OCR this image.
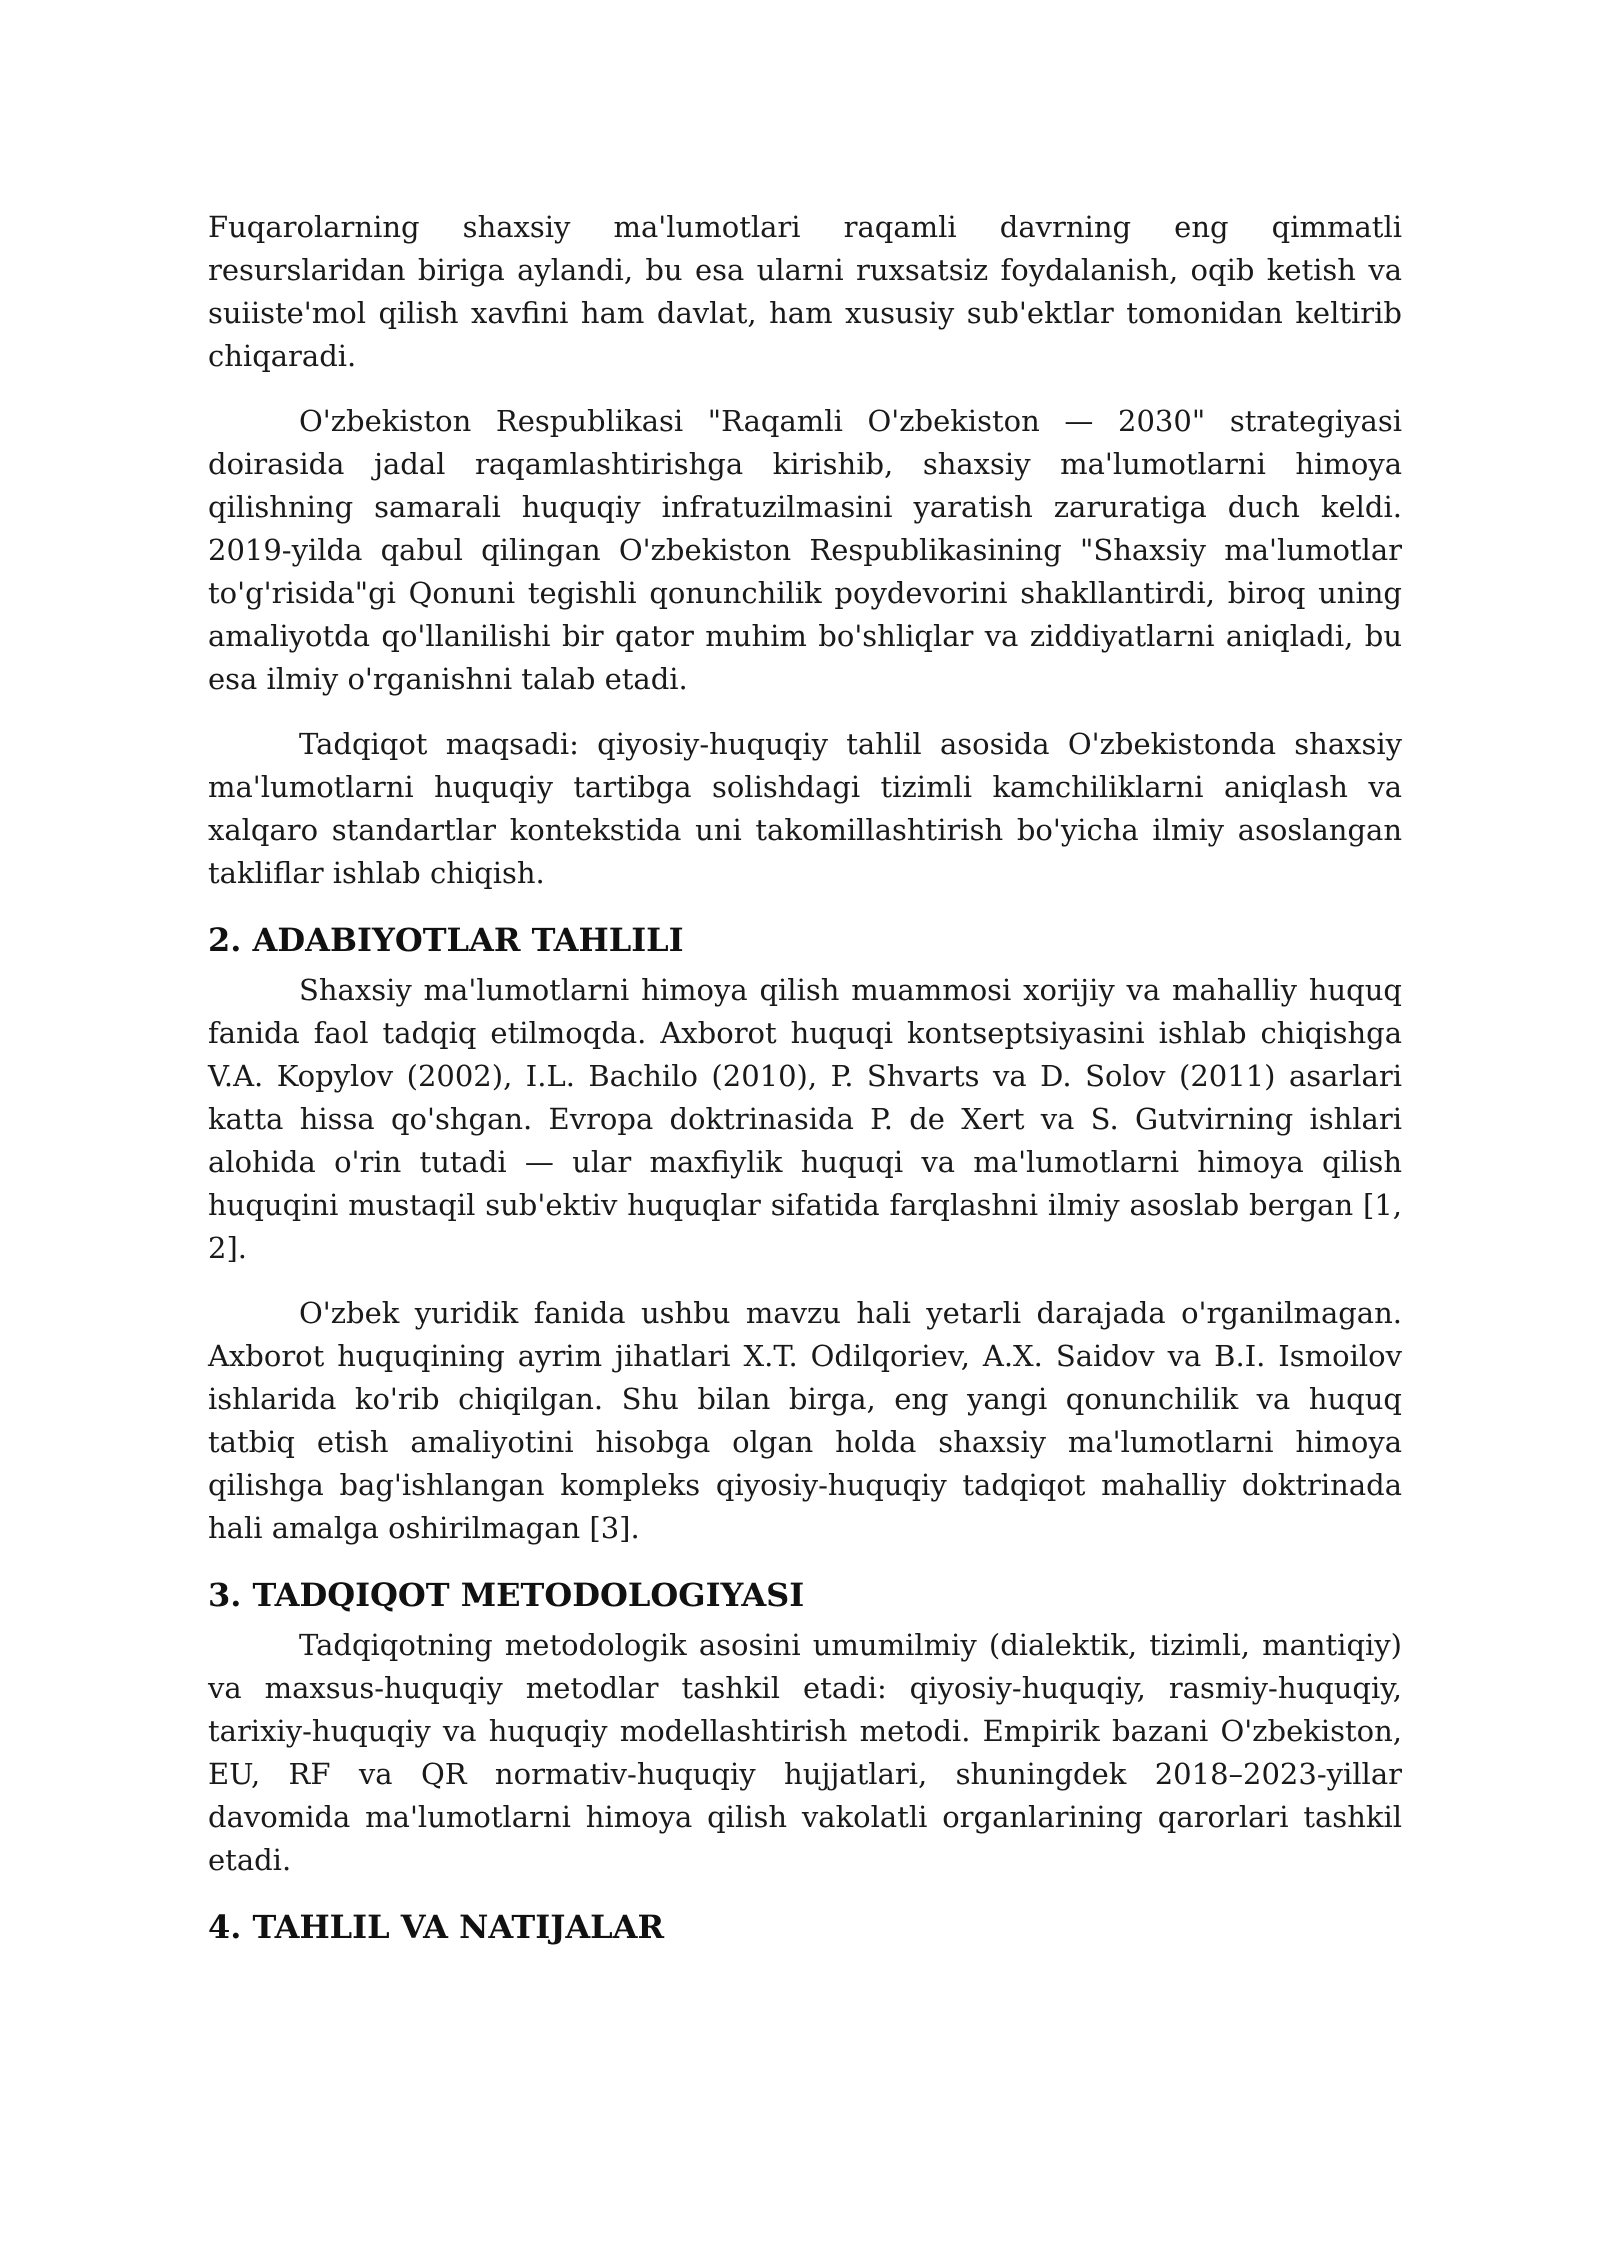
Fuqarolarning shaxsiy ma'lumotlari raqamli davrning eng qimmatli resurslaridan biriga aylandi, bu esa ularni ruxsatsiz foydalanish, oqib ketish va suiiste'mol qilish xavfini ham davlat, ham xususiy sub'ektlar tomonidan keltirib chiqaradi.

O'zbekiston Respublikasi "Raqamli O'zbekiston — 2030" strategiyasi doirasida jadal raqamlashtirishga kirishib, shaxsiy ma'lumotlarni himoya qilishning samarali huquqiy infratuzilmasini yaratish zaruratiga duch keldi. 2019-yilda qabul qilingan O'zbekiston Respublikasining "Shaxsiy ma'lumotlar to'g'risida"gi Qonuni tegishli qonunchilik poydevorini shakllantirdi, biroq uning amaliyotda qo'llanilishi bir qator muhim bo'shliqlar va ziddiyatlarni aniqladi, bu esa ilmiy o'rganishni talab etadi.

Tadqiqot maqsadi: qiyosiy-huquqiy tahlil asosida O'zbekistonda shaxsiy ma'lumotlarni huquqiy tartibga solishdagi tizimli kamchiliklarni aniqlash va xalqaro standartlar kontekstida uni takomillashtirish bo'yicha ilmiy asoslangan takliflar ishlab chiqish.

2. ADABIYOTLAR TAHLILI

Shaxsiy ma'lumotlarni himoya qilish muammosi xorijiy va mahalliy huquq fanida faol tadqiq etilmoqda. Axborot huquqi kontseptsiyasini ishlab chiqishga V.A. Kopylov (2002), I.L. Bachilo (2010), P. Shvarts va D. Solov (2011) asarlari katta hissa qo'shgan. Evropa doktrinasida P. de Xert va S. Gutvirning ishlari alohida o'rin tutadi — ular maxfiylik huquqi va ma'lumotlarni himoya qilish huquqini mustaqil sub'ektiv huquqlar sifatida farqlashni ilmiy asoslab bergan [1, 2].

O'zbek yuridik fanida ushbu mavzu hali yetarli darajada o'rganilmagan. Axborot huquqining ayrim jihatlari X.T. Odilqoriev, A.X. Saidov va B.I. Ismoilov ishlarida ko'rib chiqilgan. Shu bilan birga, eng yangi qonunchilik va huquq tatbiq etish amaliyotini hisobga olgan holda shaxsiy ma'lumotlarni himoya qilishga bag'ishlangan kompleks qiyosiy-huquqiy tadqiqot mahalliy doktrinada hali amalga oshirilmagan [3].

3. TADQIQOT METODOLOGIYASI

Tadqiqotning metodologik asosini umumilmiy (dialektik, tizimli, mantiqiy) va maxsus-huquqiy metodlar tashkil etadi: qiyosiy-huquqiy, rasmiy-huquqiy, tarixiy-huquqiy va huquqiy modellashtirish metodi. Empirik bazani O'zbekiston, EU, RF va QR normativ-huquqiy hujjatlari, shuningdek 2018–2023-yillar davomida ma'lumotlarni himoya qilish vakolatli organlarining qarorlari tashkil etadi.

4. TAHLIL VA NATIJALAR
